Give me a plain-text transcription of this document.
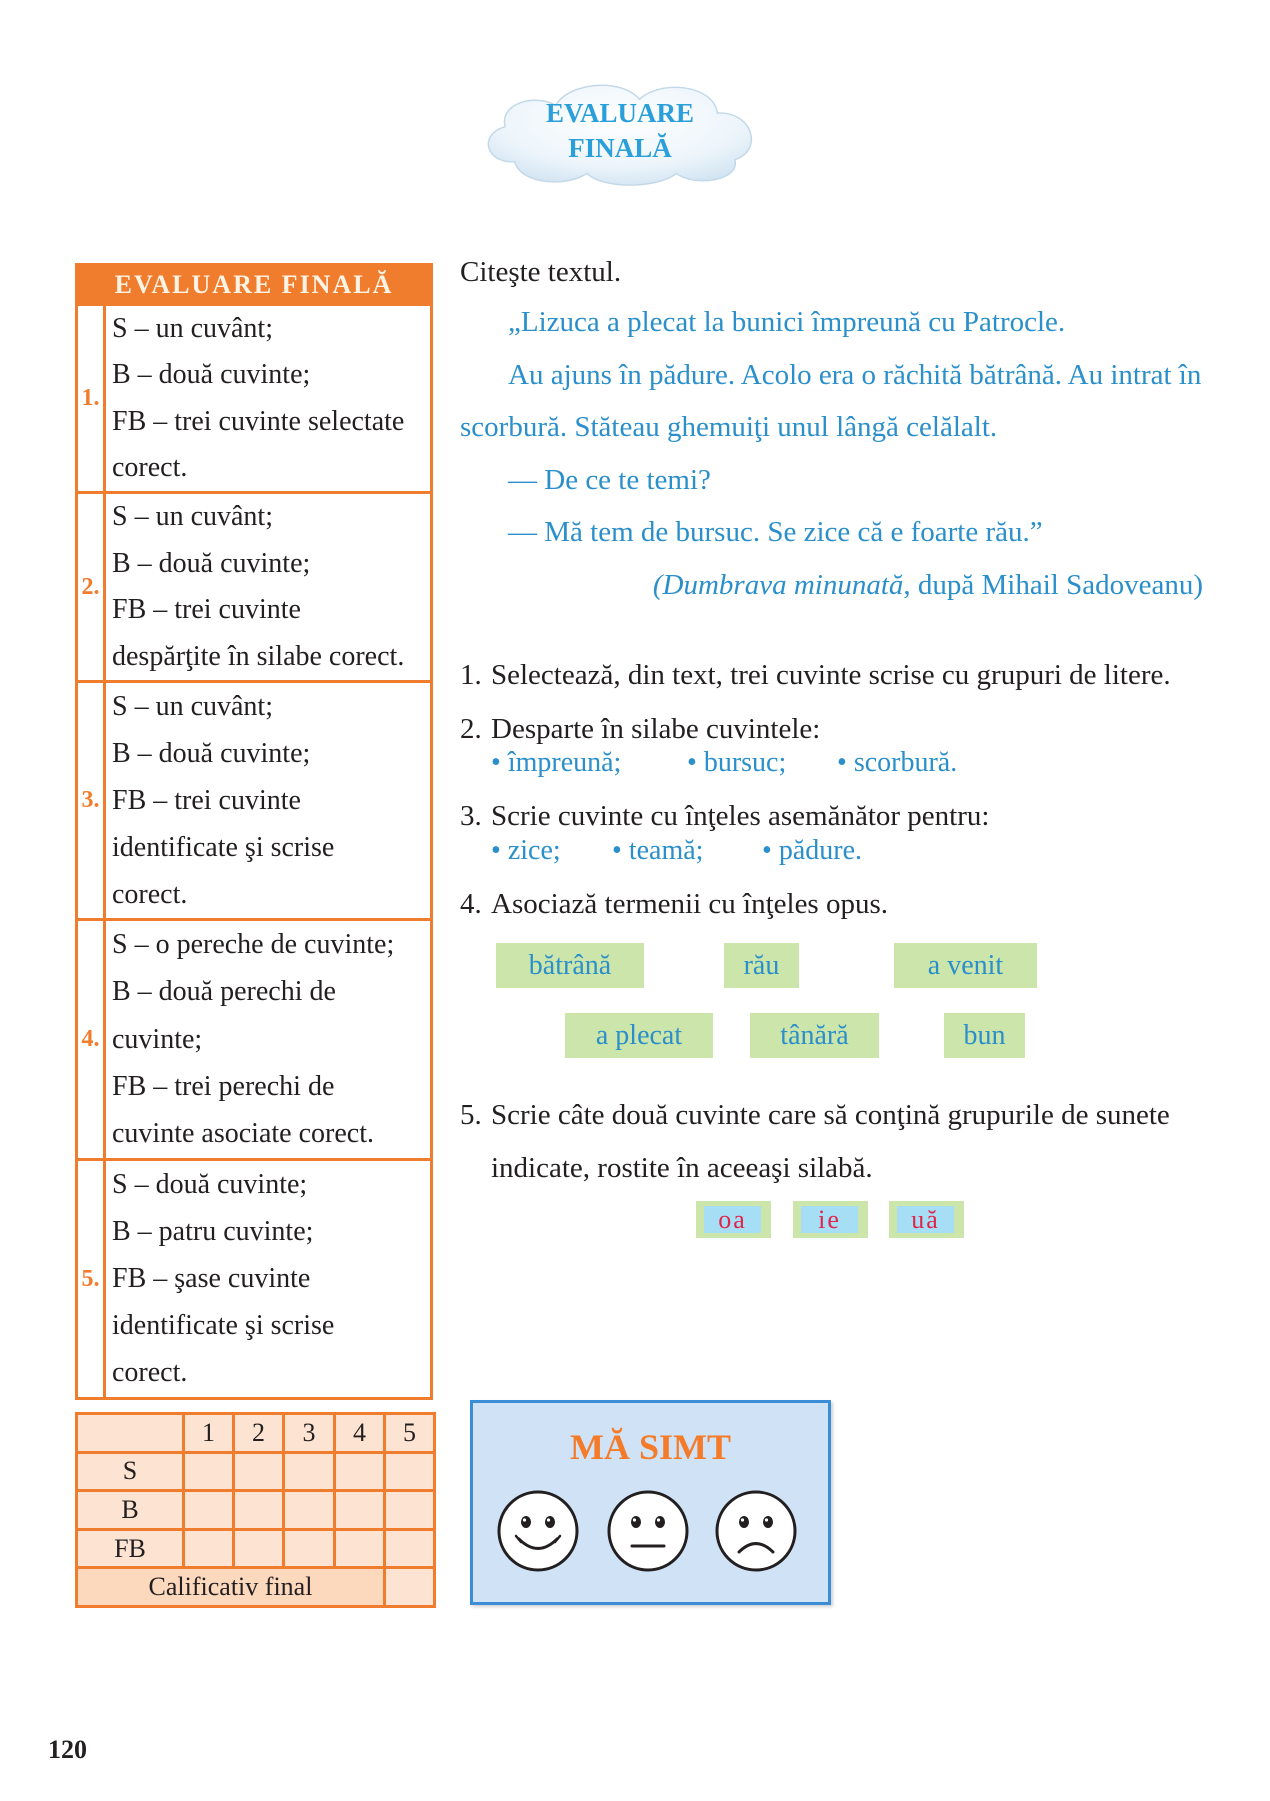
EVALUARE
FINALĂ
EVALUARE FINALĂ
1.
S – un cuvânt;
B – două cuvinte;
FB – trei cuvinte selectate
corect.
2.
S – un cuvânt;
B – două cuvinte;
FB – trei cuvinte
despărţite în silabe corect.
3.
S – un cuvânt;
B – două cuvinte;
FB – trei cuvinte
identificate şi scrise
corect.
4.
S – o pereche de cuvinte;
B – două perechi de
cuvinte;
FB – trei perechi de
cuvinte asociate corect.
5.
S – două cuvinte;
B – patru cuvinte;
FB – şase cuvinte
identificate şi scrise
corect.
	1	2	3	4	5
S					
B					
FB					
Calificativ final					
Citeşte textul.
„Lizuca a plecat la bunici împreună cu Patrocle.
Au ajuns în pădure. Acolo era o răchită bătrână. Au intrat în
scorbură. Stăteau ghemuiţi unul lângă celălalt.
— De ce te temi?
— Mă tem de bursuc. Se zice că e foarte rău.”
(Dumbrava minunată, după Mihail Sadoveanu)
1. Selectează, din text, trei cuvinte scrise cu grupuri de litere.
2. Desparte în silabe cuvintele:
• împreună; • bursuc; • scorbură.
3. Scrie cuvinte cu înţeles asemănător pentru:
• zice; • teamă; • pădure.
4. Asociază termenii cu înţeles opus.
bătrână	rău	a venit
a plecat	tânără	bun
5. Scrie câte două cuvinte care să conţină grupurile de sunete
indicate, rostite în aceeaşi silabă.
oa	ie	uă
MĂ SIMT
120
